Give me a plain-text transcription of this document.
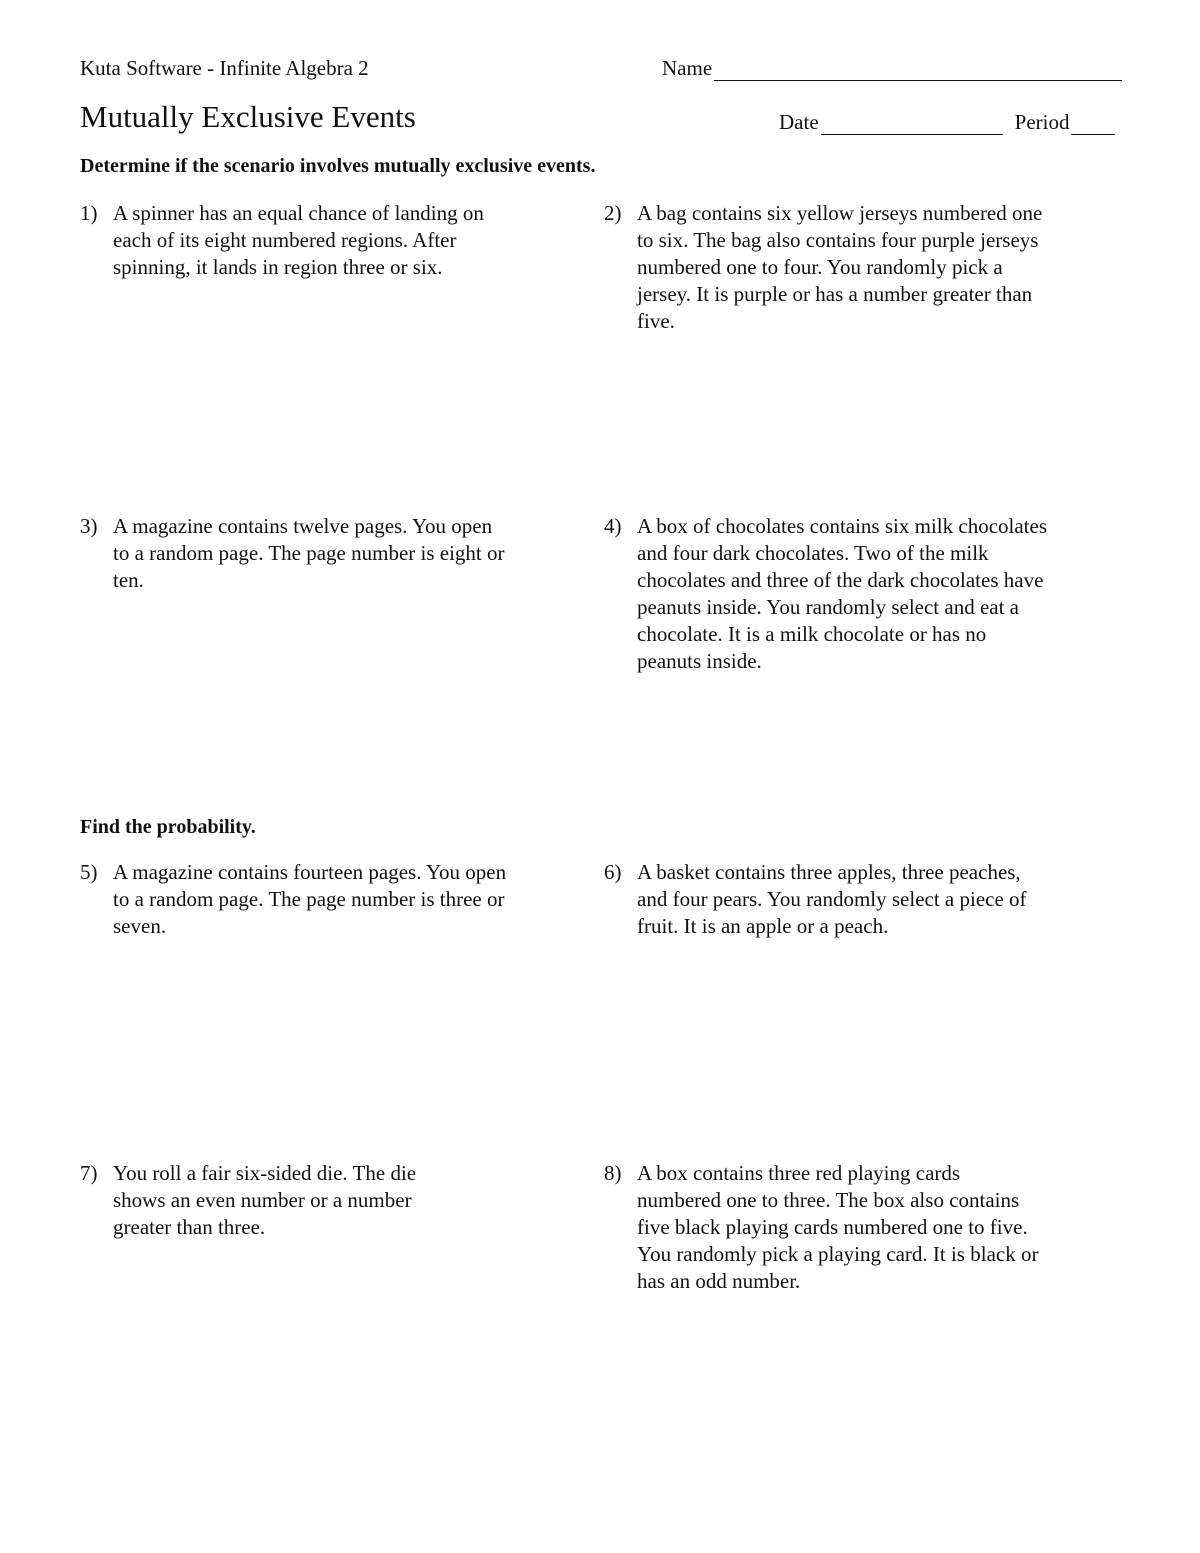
Kuta Software - Infinite Algebra 2	Name
Mutually Exclusive Events	Date	Period
Determine if the scenario involves mutually exclusive events.
1) A spinner has an equal chance of landing on each of its eight numbered regions. After spinning, it lands in region three or six.
2) A bag contains six yellow jerseys numbered one to six. The bag also contains four purple jerseys numbered one to four. You randomly pick a jersey. It is purple or has a number greater than five.
3) A magazine contains twelve pages. You open to a random page. The page number is eight or ten.
4) A box of chocolates contains six milk chocolates and four dark chocolates. Two of the milk chocolates and three of the dark chocolates have peanuts inside. You randomly select and eat a chocolate. It is a milk chocolate or has no peanuts inside.
Find the probability.
5) A magazine contains fourteen pages. You open to a random page. The page number is three or seven.
6) A basket contains three apples, three peaches, and four pears. You randomly select a piece of fruit. It is an apple or a peach.
7) You roll a fair six-sided die. The die shows an even number or a number greater than three.
8) A box contains three red playing cards numbered one to three. The box also contains five black playing cards numbered one to five. You randomly pick a playing card. It is black or has an odd number.
